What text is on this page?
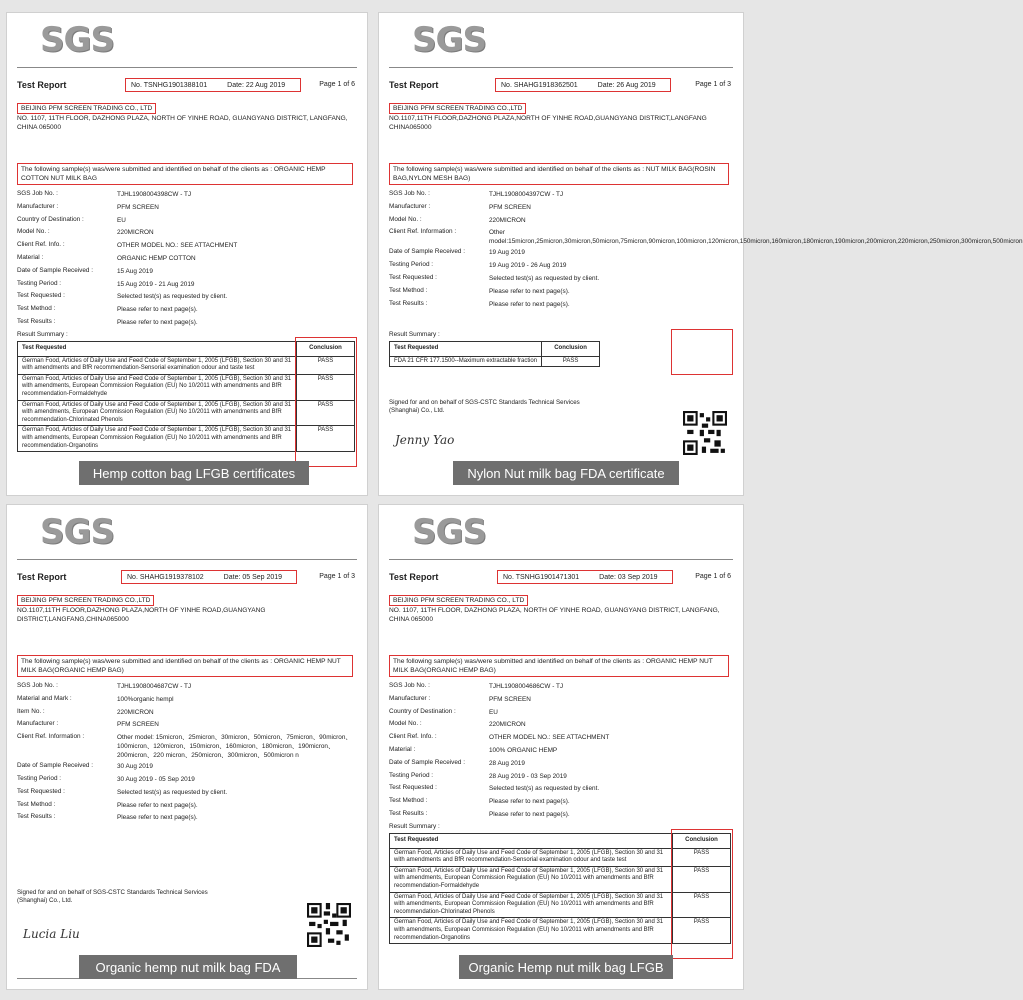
SGS
Test Report	No. TSNHG1901388101	Date: 22 Aug 2019	Page 1 of 6
BEIJING PFM SCREEN TRADING CO., LTD
NO. 1107, 11TH FLOOR, DAZHONG PLAZA, NORTH OF YINHE ROAD, GUANGYANG DISTRICT, LANGFANG, CHINA 065000
The following sample(s) was/were submitted and identified on behalf of the clients as : ORGANIC HEMP COTTON NUT MILK BAG
SGS Job No. :	TJHL1908004398CW - TJ
Manufacturer :	PFM SCREEN
Country of Destination :	EU
Model No. :	220MICRON
Client Ref. Info. :	OTHER MODEL NO.: SEE ATTACHMENT
Material :	ORGANIC HEMP COTTON
Date of Sample Received :	15 Aug 2019
Testing Period :	15 Aug 2019 - 21 Aug 2019
Test Requested :	Selected test(s) as requested by client.
Test Method :	Please refer to next page(s).
Test Results :	Please refer to next page(s).
Result Summary :
Test Requested	Conclusion
German Food, Articles of Daily Use and Feed Code of September 1, 2005 (LFGB), Section 30 and 31 with amendments and BfR recommendation-Sensorial examination odour and taste test	PASS
German Food, Articles of Daily Use and Feed Code of September 1, 2005 (LFGB), Section 30 and 31 with amendments, European Commission Regulation (EU) No 10/2011 with amendments and BfR recommendation-Formaldehyde	PASS
German Food, Articles of Daily Use and Feed Code of September 1, 2005 (LFGB), Section 30 and 31 with amendments, European Commission Regulation (EU) No 10/2011 with amendments and BfR recommendation-Chlorinated Phenols	PASS
German Food, Articles of Daily Use and Feed Code of September 1, 2005 (LFGB), Section 30 and 31 with amendments, European Commission Regulation (EU) No 10/2011 with amendments and BfR recommendation-Organotins	PASS
Hemp cotton bag LFGB certificates
SGS
Test Report	No. SHAHG1918362501	Date: 26 Aug 2019	Page 1 of 3
BEIJING PFM SCREEN TRADING CO.,LTD
NO.1107,11TH FLOOR,DAZHONG PLAZA,NORTH OF YINHE ROAD,GUANGYANG DISTRICT,LANGFANG CHINA065000
The following sample(s) was/were submitted and identified on behalf of the clients as : NUT MILK BAG(ROSIN BAG,NYLON MESH BAG)
SGS Job No. :	TJHL1908004397CW - TJ
Manufacturer :	PFM SCREEN
Model No. :	220MICRON
Client Ref. Information :	Other model:15micron,25micron,30micron,50micron,75micron,90micron,100micron,120micron,150micron,160micron,180micron,190micron,200micron,220micron,250micron,300micron,500micron
Date of Sample Received :	19 Aug 2019
Testing Period :	19 Aug 2019 - 26 Aug 2019
Test Requested :	Selected test(s) as requested by client.
Test Method :	Please refer to next page(s).
Test Results :	Please refer to next page(s).
Result Summary :
Test Requested	Conclusion
FDA 21 CFR 177.1500--Maximum extractable fraction	PASS
Signed for and on behalf of SGS-CSTC Standards Technical Services (Shanghai) Co., Ltd.
Jenny Yao
Nylon Nut milk bag FDA certificate
SGS
Test Report	No. SHAHG1919378102	Date: 05 Sep 2019	Page 1 of 3
BEIJING PFM SCREEN TRADING CO.,LTD
NO.1107,11TH FLOOR,DAZHONG PLAZA,NORTH OF YINHE ROAD,GUANGYANG DISTRICT,LANGFANG,CHINA065000
The following sample(s) was/were submitted and identified on behalf of the clients as : ORGANIC HEMP NUT MILK BAG(ORGANIC HEMP BAG)
SGS Job No. :	TJHL1908004687CW - TJ
Material and Mark :	100%organic hempl
Item No. :	220MICRON
Manufacturer :	PFM SCREEN
Client Ref. Information :	Other model: 15micron、25micron、30micron、50micron、75micron、90micron、100micron、120micron、150micron、160micron、180micron、190micron、200micron、220 micron、250micron、300micron、500micron n
Date of Sample Received :	30 Aug 2019
Testing Period :	30 Aug 2019 - 05 Sep 2019
Test Requested :	Selected test(s) as requested by client.
Test Method :	Please refer to next page(s).
Test Results :	Please refer to next page(s).
Signed for and on behalf of SGS-CSTC Standards Technical Services (Shanghai) Co., Ltd.
Lucia Liu
Organic hemp nut milk bag FDA
SGS
Test Report	No. TSNHG1901471301	Date: 03 Sep 2019	Page 1 of 6
BEIJING PFM SCREEN TRADING CO., LTD
NO. 1107, 11TH FLOOR, DAZHONG PLAZA, NORTH OF YINHE ROAD, GUANGYANG DISTRICT, LANGFANG, CHINA 065000
The following sample(s) was/were submitted and identified on behalf of the clients as : ORGANIC HEMP NUT MILK BAG(ORGANIC HEMP BAG)
SGS Job No. :	TJHL1908004686CW - TJ
Manufacturer :	PFM SCREEN
Country of Destination :	EU
Model No. :	220MICRON
Client Ref. Info. :	OTHER MODEL NO.: SEE ATTACHMENT
Material :	100% ORGANIC HEMP
Date of Sample Received :	28 Aug 2019
Testing Period :	28 Aug 2019 - 03 Sep 2019
Test Requested :	Selected test(s) as requested by client.
Test Method :	Please refer to next page(s).
Test Results :	Please refer to next page(s).
Result Summary :
Test Requested	Conclusion
German Food, Articles of Daily Use and Feed Code of September 1, 2005 (LFGB), Section 30 and 31 with amendments and BfR recommendation-Sensorial examination odour and taste test	PASS
German Food, Articles of Daily Use and Feed Code of September 1, 2005 (LFGB), Section 30 and 31 with amendments, European Commission Regulation (EU) No 10/2011 with amendments and BfR recommendation-Formaldehyde	PASS
German Food, Articles of Daily Use and Feed Code of September 1, 2005 (LFGB), Section 30 and 31 with amendments, European Commission Regulation (EU) No 10/2011 with amendments and BfR recommendation-Chlorinated Phenols	PASS
German Food, Articles of Daily Use and Feed Code of September 1, 2005 (LFGB), Section 30 and 31 with amendments, European Commission Regulation (EU) No 10/2011 with amendments and BfR recommendation-Organotins	PASS
Organic Hemp nut milk bag LFGB
